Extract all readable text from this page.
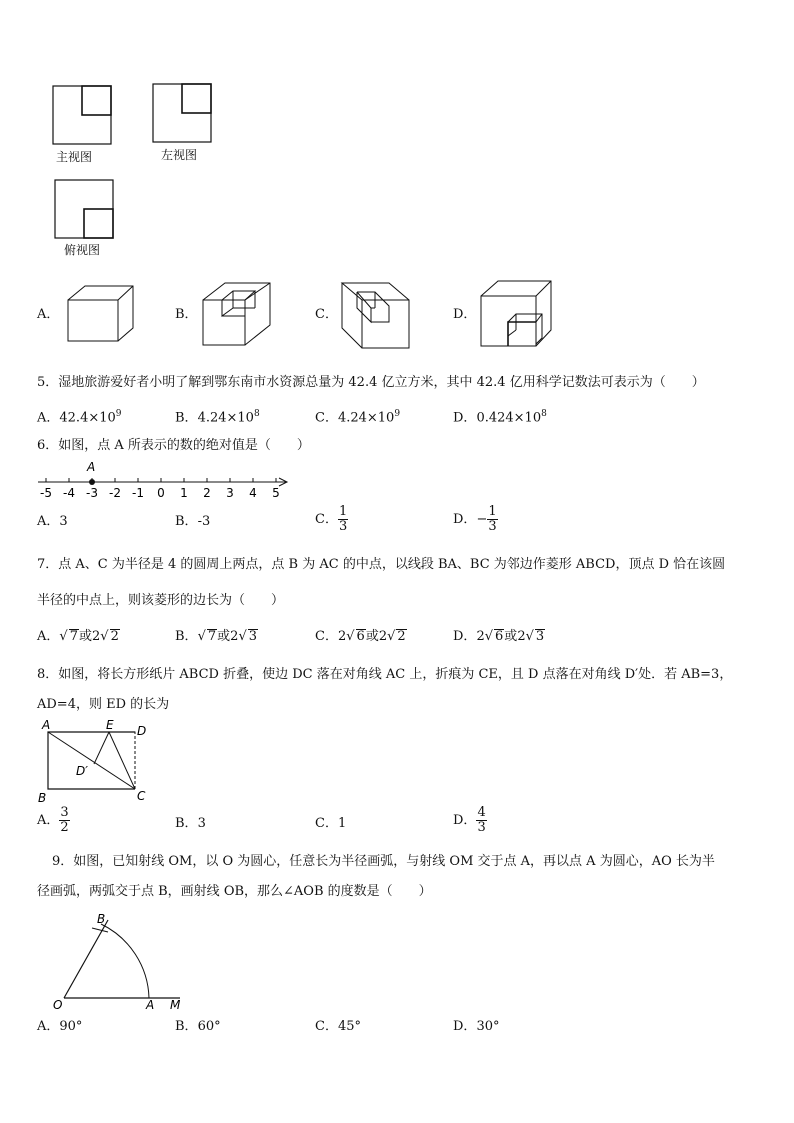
主视图	左视图
俯视图
A．	B．	C．	D．
5．湿地旅游爱好者小明了解到鄂东南市水资源总量为 42.4 亿立方米，其中 42.4 亿用科学记数法可表示为（　　）
A．$42.4\times 10^9$	B．$4.24\times 10^8$	C．$4.24\times 10^9$	D．$0.424\times 10^8$
6．如图，点 A 所表示的数的绝对值是（　　）
A
-5 -4 -3 -2 -1 0 1 2 3 4 5
A．3	B．-3	C． $\frac{1}{3}$	D．− $\frac{1}{3}$
7．点 A、C 为半径是 4 的圆周上两点，点 B 为 AC 的中点，以线段 BA、BC 为邻边作菱形 ABCD，顶点 D 恰在该圆
半径的中点上，则该菱形的边长为（　　）
A．√ 7或2√ 2	B．√ 7或2√ 3	C．2√ 6或2√ 2	D．2√ 6或2√ 3
8．如图，将长方形纸片 ABCD 折叠，使边 DC 落在对角线 AC 上，折痕为 CE，且 D 点落在对角线 D′处．若 AB=3，
AD=4，则 ED 的长为
A	E D
D′
B	C
A． $\frac{3}{2}$	B．3	C．1	D． $\frac{4}{3}$
9．如图，已知射线 OM，以 O 为圆心，任意长为半径画弧，与射线 OM 交于点 A，再以点 A 为圆心，AO 长为半
径画弧，两弧交于点 B，画射线 OB，那么∠AOB 的度数是（　　）
B
O	A M
A．90°	B．60°	C．45°	D．30°
